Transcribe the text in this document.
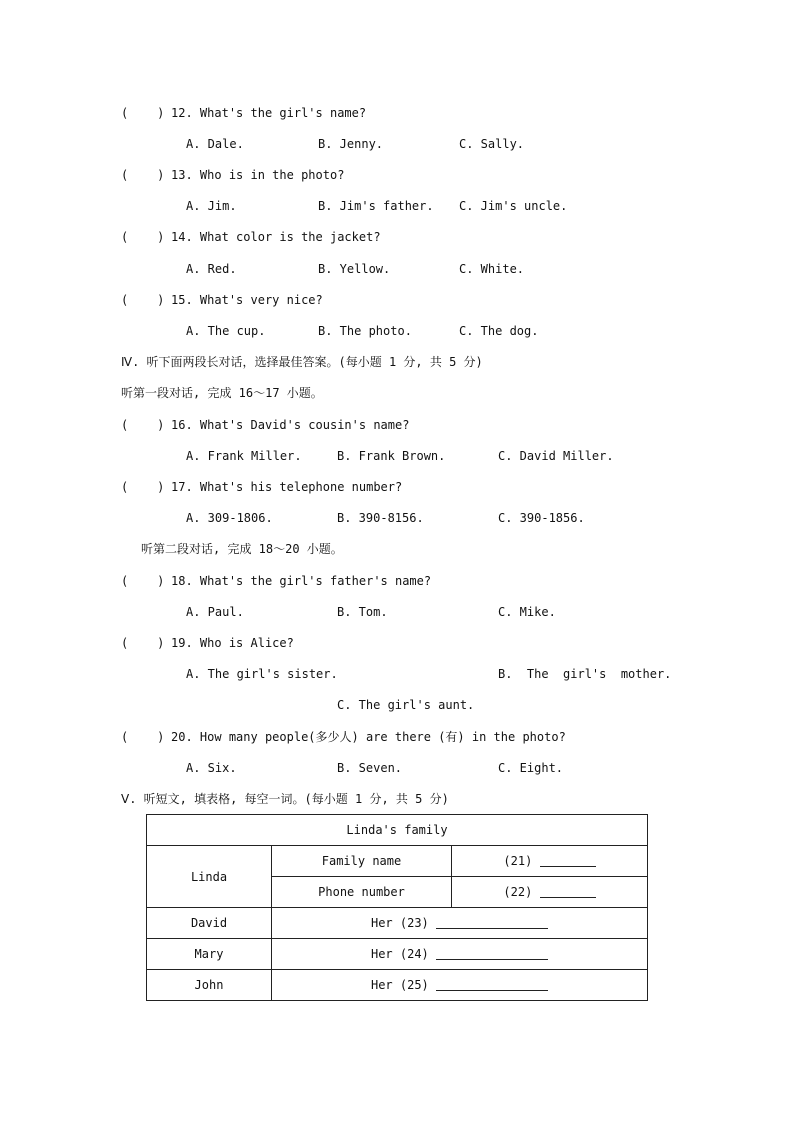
(    ) 12. What's the girl's name?
A. Dale.	B. Jenny.	C. Sally.
(    ) 13. Who is in the photo?
A. Jim.	B. Jim's father. C. Jim's uncle.
(    ) 14. What color is the jacket?
A. Red.	B. Yellow.	C. White.
(    ) 15. What's very nice?
A. The cup.	B. The photo.	C. The dog.
Ⅳ. 听下面两段长对话，选择最佳答案。(每小题 1 分, 共 5 分)
听第一段对话, 完成 16～17 小题。
(    ) 16. What's David's cousin's name?
A. Frank Miller.	B. Frank Brown.	C. David Miller.
(    ) 17. What's his telephone number?
A. 309-1806.	B. 390-8156.	C. 390-1856.
听第二段对话, 完成 18～20 小题。
(    ) 18. What's the girl's father's name?
A. Paul.	B. Tom.	C. Mike.
(    ) 19. Who is Alice?
A. The girl's sister.	B.  The  girl's  mother.
C. The girl's aunt.
(    ) 20. How many people(多少人) are there (有) in the photo?
A. Six.	B. Seven.	C. Eight.
Ⅴ. 听短文, 填表格, 每空一词。(每小题 1 分, 共 5 分)
Linda's family		
Linda	Family name	(21)
	Phone number	(22)
David	Her (23)	
Mary	Her (24)	
John	Her (25)	
